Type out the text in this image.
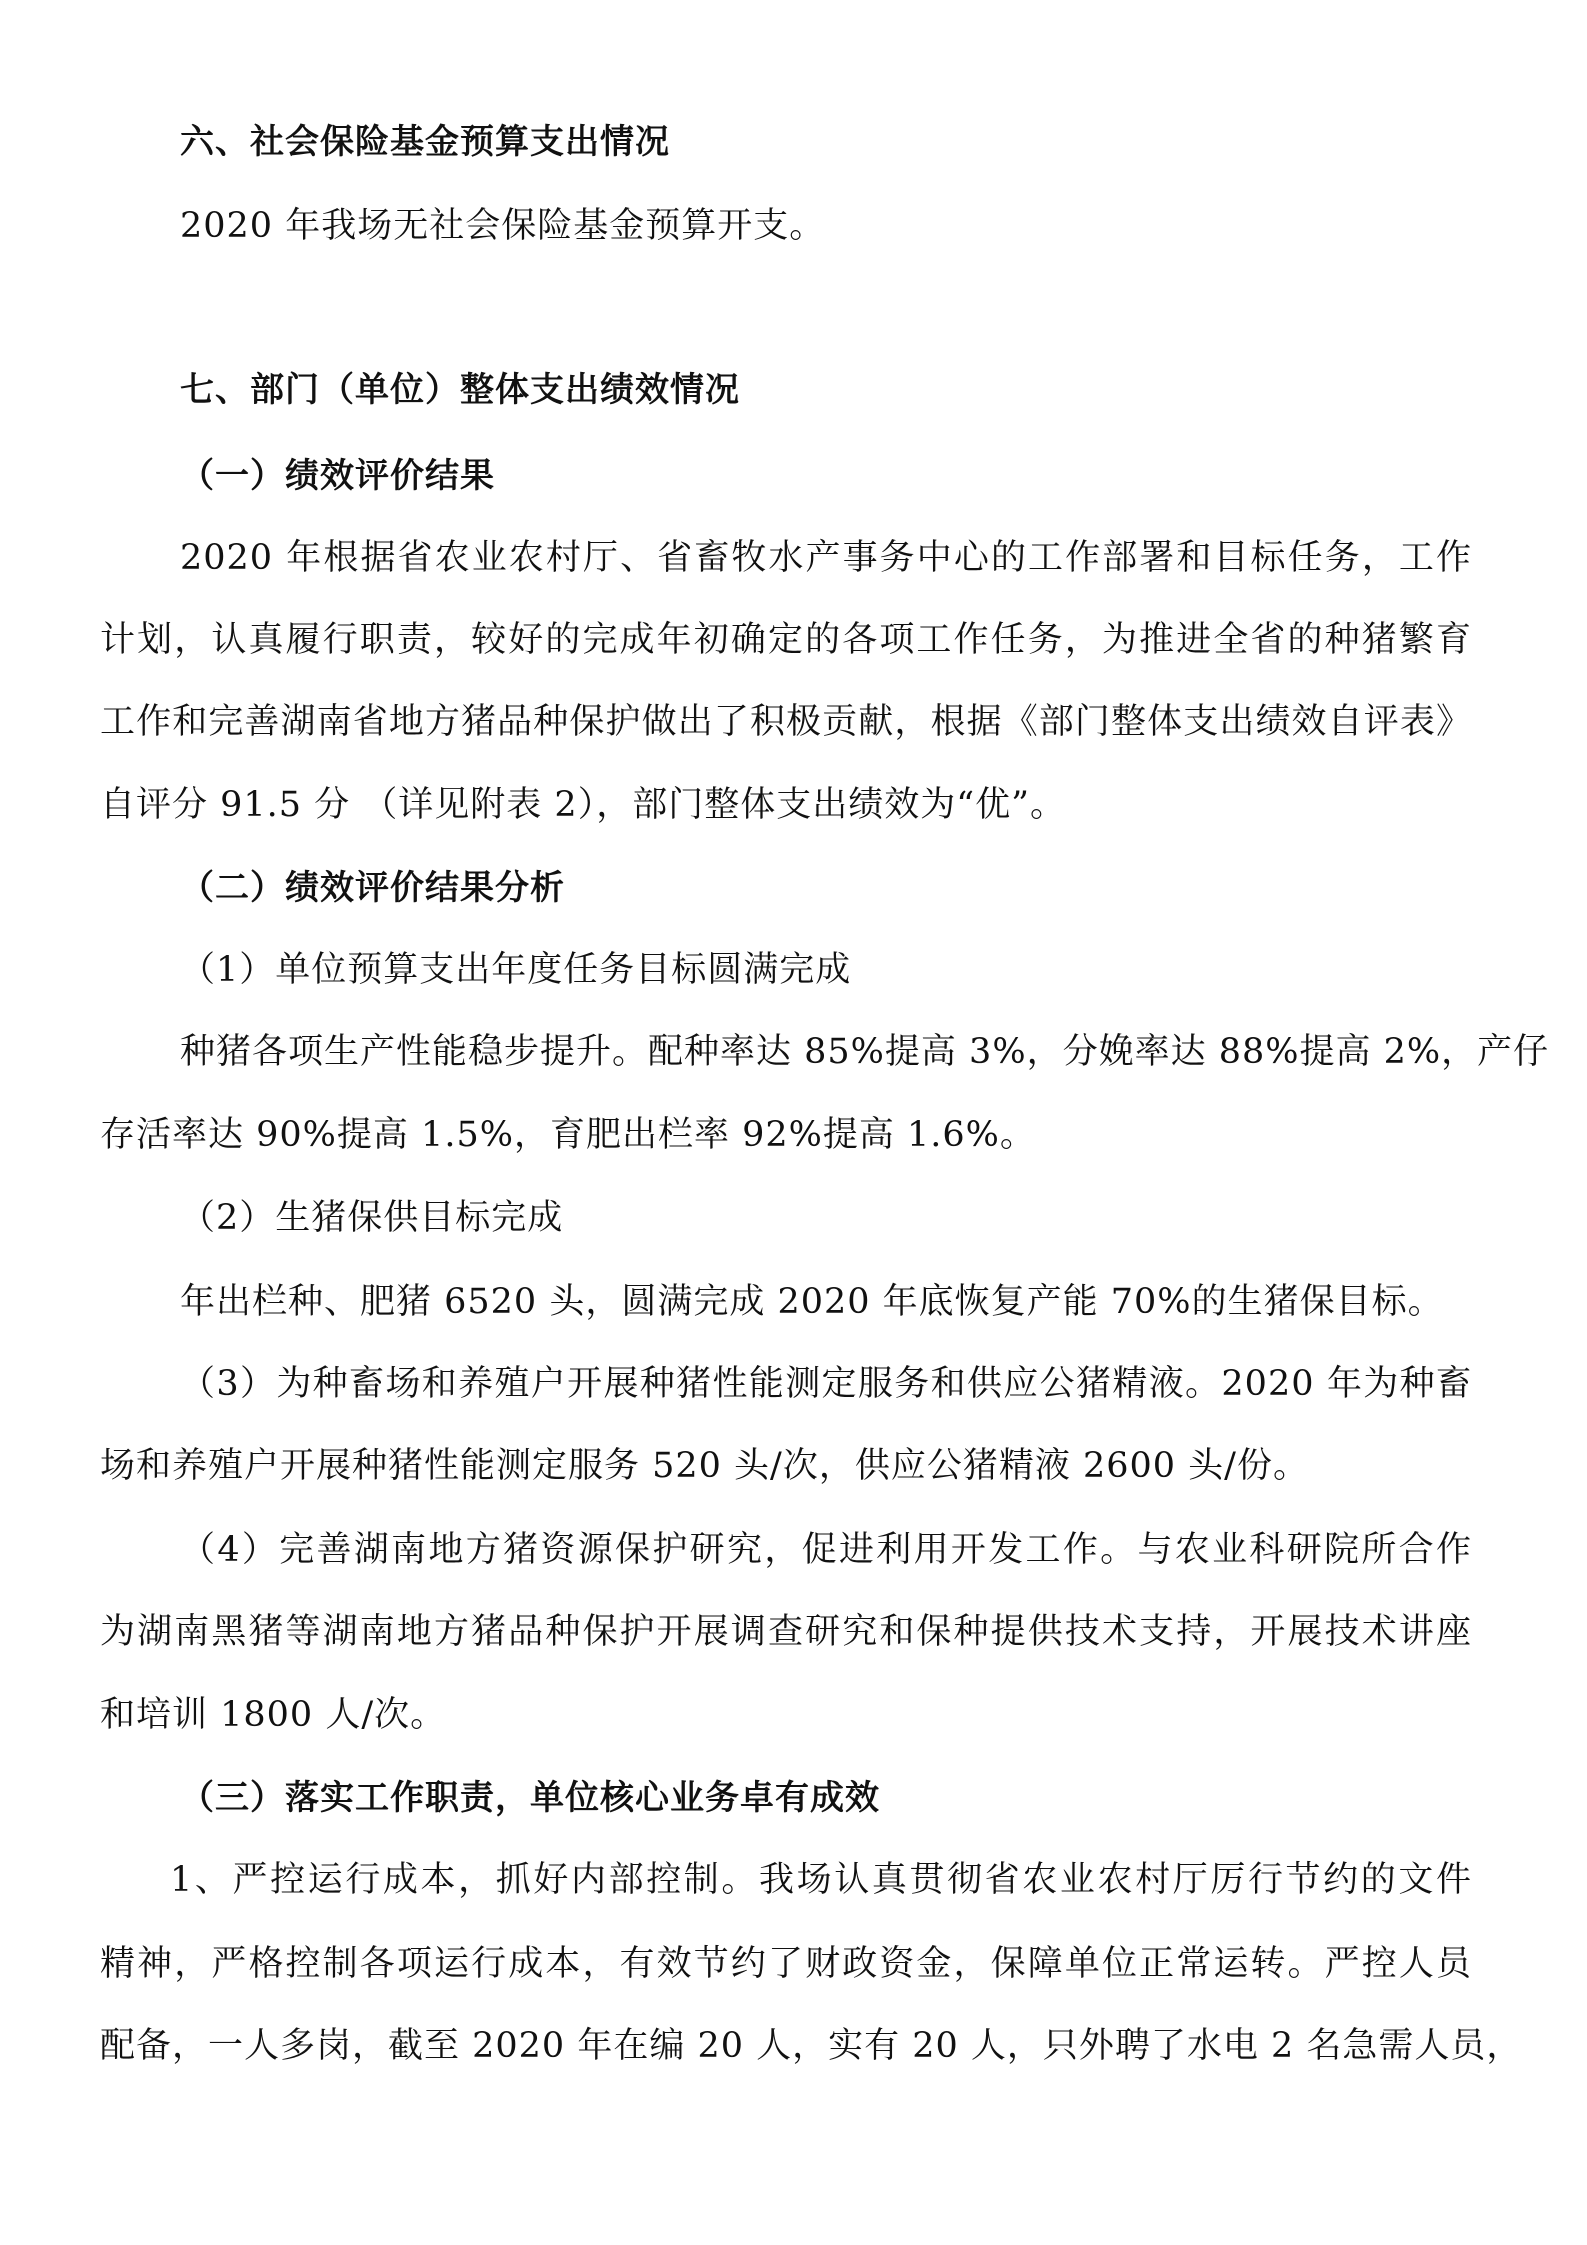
六、社会保险基金预算支出情况
2020 年我场无社会保险基金预算开支。
七、部门（单位）整体支出绩效情况
（一）绩效评价结果
2020 年根据省农业农村厅、省畜牧水产事务中心的工作部署和目标任务，工作
计划，认真履行职责，较好的完成年初确定的各项工作任务，为推进全省的种猪繁育
工作和完善湖南省地方猪品种保护做出了积极贡献，根据《部门整体支出绩效自评表》
自评分 91.5 分 （详见附表 2），部门整体支出绩效为“优”。
（二）绩效评价结果分析
（1）单位预算支出年度任务目标圆满完成
种猪各项生产性能稳步提升。配种率达 85%提高 3%，分娩率达 88%提高 2%，产仔
存活率达 90%提高 1.5%，育肥出栏率 92%提高 1.6%。
（2）生猪保供目标完成
年出栏种、肥猪 6520 头，圆满完成 2020 年底恢复产能 70%的生猪保目标。
（3）为种畜场和养殖户开展种猪性能测定服务和供应公猪精液。2020 年为种畜
场和养殖户开展种猪性能测定服务 520 头/次，供应公猪精液 2600 头/份。
（4）完善湖南地方猪资源保护研究，促进利用开发工作。与农业科研院所合作
为湖南黑猪等湖南地方猪品种保护开展调查研究和保种提供技术支持，开展技术讲座
和培训 1800 人/次。
（三）落实工作职责，单位核心业务卓有成效
1、严控运行成本，抓好内部控制。我场认真贯彻省农业农村厅厉行节约的文件
精神，严格控制各项运行成本，有效节约了财政资金，保障单位正常运转。严控人员
配备，一人多岗，截至 2020 年在编 20 人，实有 20 人，只外聘了水电 2 名急需人员，
